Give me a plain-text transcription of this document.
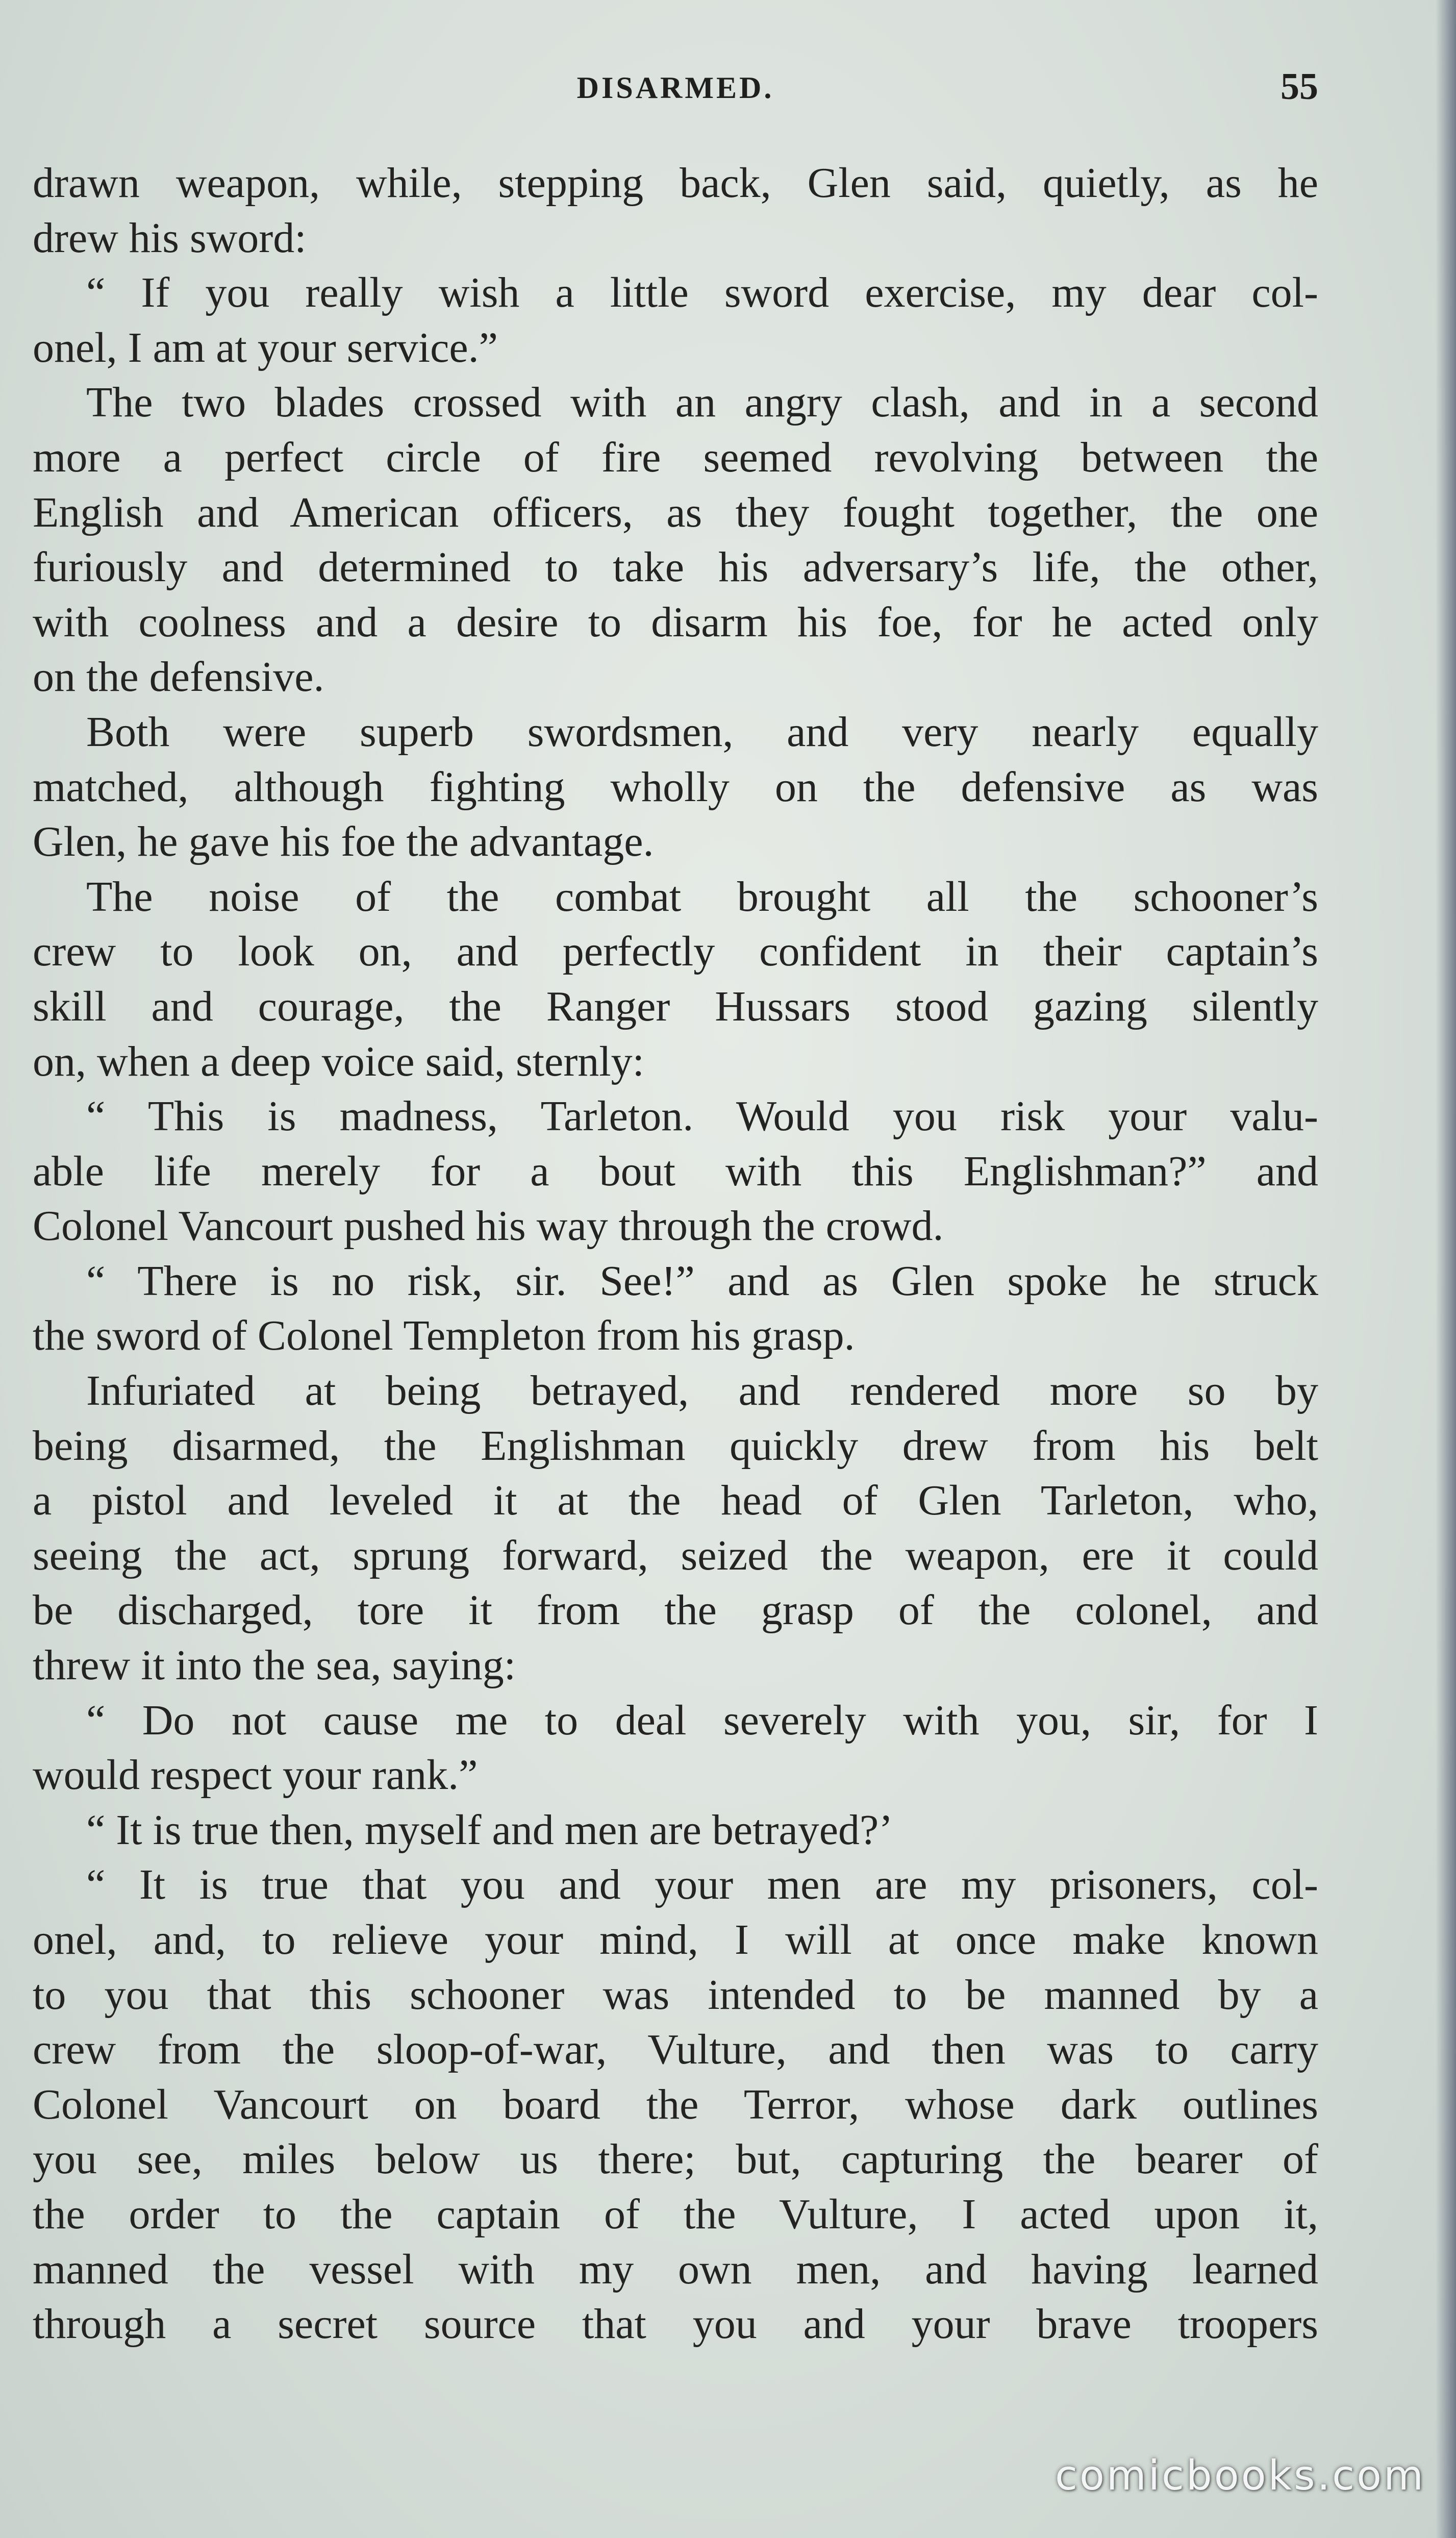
DISARMED.	55
drawn weapon, while, stepping back, Glen said, quietly, as he
drew his sword:
“ If you really wish a little sword exercise, my dear col-
onel, I am at your service.”
The two blades crossed with an angry clash, and in a second
more a perfect circle of fire seemed revolving between the
English and American officers, as they fought together, the one
furiously and determined to take his adversary’s life, the other,
with coolness and a desire to disarm his foe, for he acted only
on the defensive.
Both were superb swordsmen, and very nearly equally
matched, although fighting wholly on the defensive as was
Glen, he gave his foe the advantage.
The noise of the combat brought all the schooner’s
crew to look on, and perfectly confident in their captain’s
skill and courage, the Ranger Hussars stood gazing silently
on, when a deep voice said, sternly:
“ This is madness, Tarleton. Would you risk your valu-
able life merely for a bout with this Englishman?” and
Colonel Vancourt pushed his way through the crowd.
“ There is no risk, sir. See!” and as Glen spoke he struck
the sword of Colonel Templeton from his grasp.
Infuriated at being betrayed, and rendered more so by
being disarmed, the Englishman quickly drew from his belt
a pistol and leveled it at the head of Glen Tarleton, who,
seeing the act, sprung forward, seized the weapon, ere it could
be discharged, tore it from the grasp of the colonel, and
threw it into the sea, saying:
“ Do not cause me to deal severely with you, sir, for I
would respect your rank.”
“ It is true then, myself and men are betrayed?’
“ It is true that you and your men are my prisoners, col-
onel, and, to relieve your mind, I will at once make known
to you that this schooner was intended to be manned by a
crew from the sloop-of-war, Vulture, and then was to carry
Colonel Vancourt on board the Terror, whose dark outlines
you see, miles below us there; but, capturing the bearer of
the order to the captain of the Vulture, I acted upon it,
manned the vessel with my own men, and having learned
through a secret source that you and your brave troopers
comicbooks.com
